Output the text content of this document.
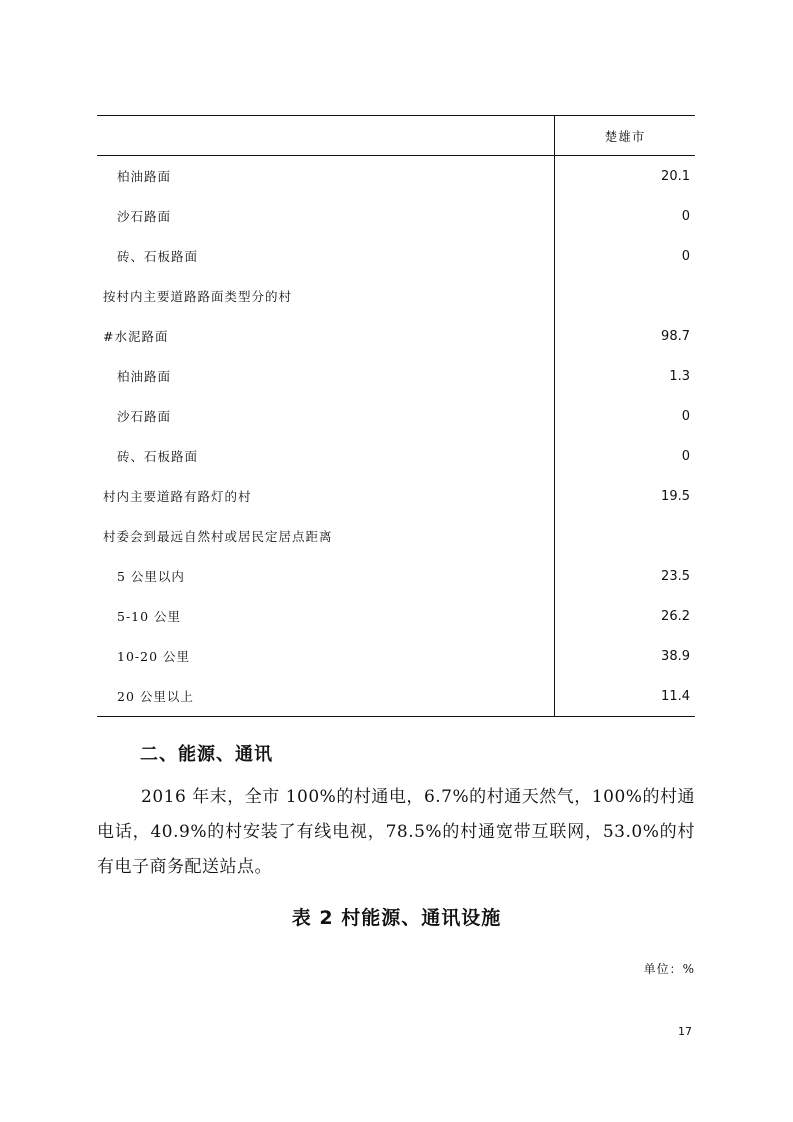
	楚雄市
柏油路面	20.1
沙石路面	0
砖、石板路面	0
按村内主要道路路面类型分的村	
#水泥路面	98.7
柏油路面	1.3
沙石路面	0
砖、石板路面	0
村内主要道路有路灯的村	19.5
村委会到最远自然村或居民定居点距离	
5 公里以内	23.5
5-10 公里	26.2
10-20 公里	38.9
20 公里以上	11.4
二、能源、通讯

2016 年末，全市 100%的村通电，6.7%的村通天然气，100%的村通电话，40.9%的村安装了有线电视，78.5%的村通宽带互联网，53.0%的村有电子商务配送站点。

表 2 村能源、通讯设施
单位：%
17
